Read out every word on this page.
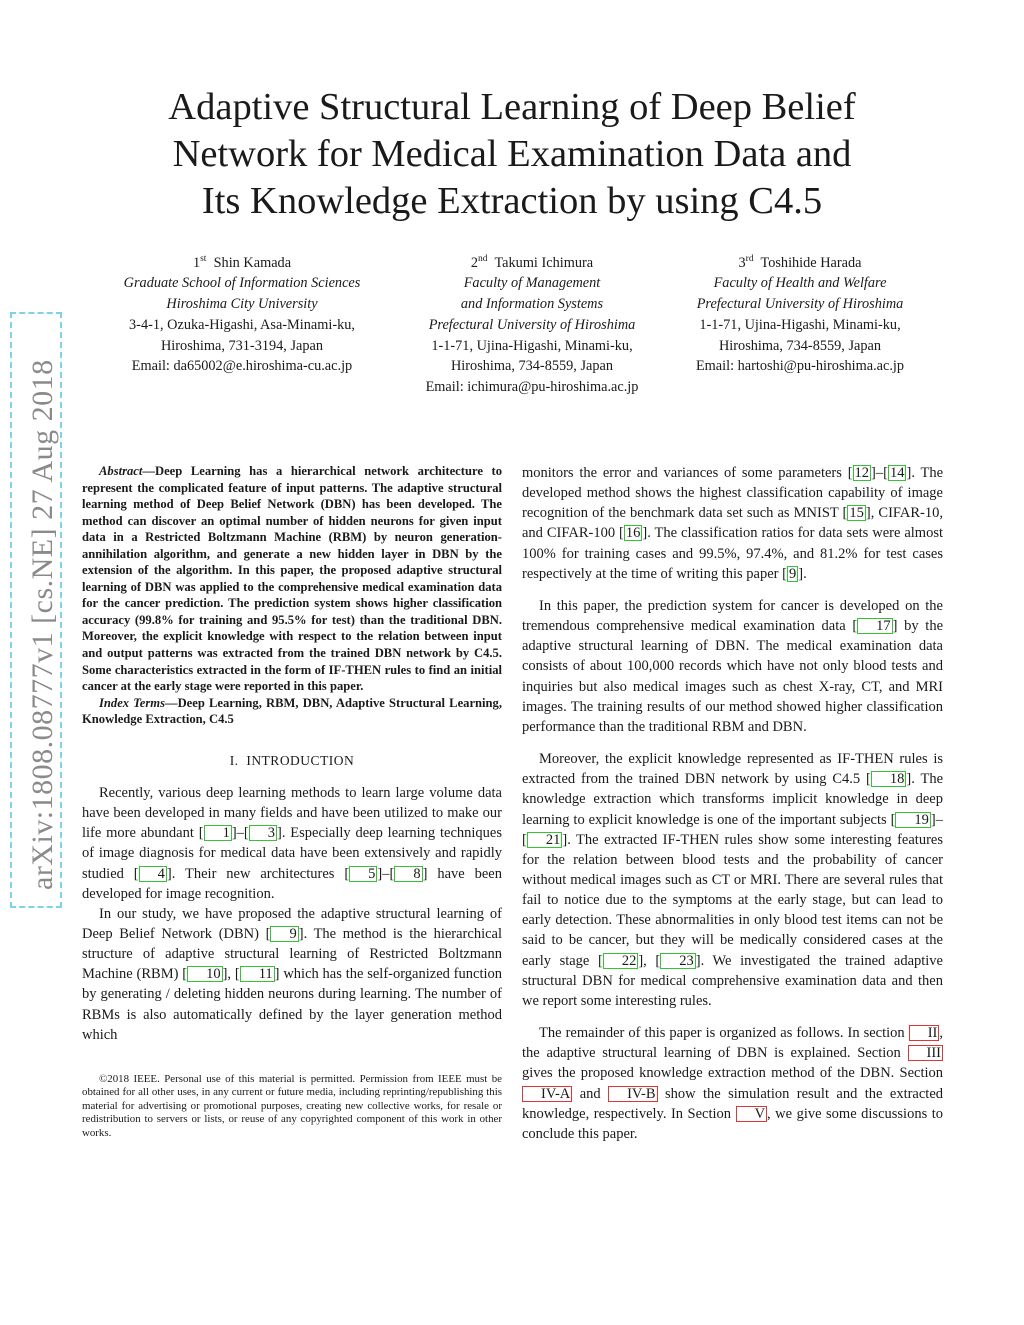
arXiv:1808.08777v1 [cs.NE] 27 Aug 2018
Adaptive Structural Learning of Deep Belief
Network for Medical Examination Data and
Its Knowledge Extraction by using C4.5
1st Shin Kamada
Graduate School of Information Sciences
Hiroshima City University
3-4-1, Ozuka-Higashi, Asa-Minami-ku,
Hiroshima, 731-3194, Japan
Email: da65002@e.hiroshima-cu.ac.jp
2nd Takumi Ichimura
Faculty of Management
and Information Systems
Prefectural University of Hiroshima
1-1-71, Ujina-Higashi, Minami-ku,
Hiroshima, 734-8559, Japan
Email: ichimura@pu-hiroshima.ac.jp
3rd Toshihide Harada
Faculty of Health and Welfare
Prefectural University of Hiroshima
1-1-71, Ujina-Higashi, Minami-ku,
Hiroshima, 734-8559, Japan
Email: hartoshi@pu-hiroshima.ac.jp

Abstract—Deep Learning has a hierarchical network architecture to represent the complicated feature of input patterns. The adaptive structural learning method of Deep Belief Network (DBN) has been developed. The method can discover an optimal number of hidden neurons for given input data in a Restricted Boltzmann Machine (RBM) by neuron generation-annihilation algorithm, and generate a new hidden layer in DBN by the extension of the algorithm. In this paper, the proposed adaptive structural learning of DBN was applied to the comprehensive medical examination data for the cancer prediction. The prediction system shows higher classification accuracy (99.8% for training and 95.5% for test) than the traditional DBN. Moreover, the explicit knowledge with respect to the relation between input and output patterns was extracted from the trained DBN network by C4.5. Some characteristics extracted in the form of IF-THEN rules to find an initial cancer at the early stage were reported in this paper.

Index Terms—Deep Learning, RBM, DBN, Adaptive Structural Learning, Knowledge Extraction, C4.5

I. INTRODUCTION

Recently, various deep learning methods to learn large volume data have been developed in many fields and have been utilized to make our life more abundant [ 1 ]–[ 3 ]. Especially deep learning techniques of image diagnosis for medical data have been extensively and rapidly studied [ 4 ]. Their new architectures [ 5 ]–[ 8 ] have been developed for image recognition.

In our study, we have proposed the adaptive structural learning of Deep Belief Network (DBN) [ 9 ]. The method is the hierarchical structure of adaptive structural learning of Restricted Boltzmann Machine (RBM) [ 10 ], [ 11 ] which has the self-organized function by generating / deleting hidden neurons during learning. The number of RBMs is also automatically defined by the layer generation method which

©2018 IEEE. Personal use of this material is permitted. Permission from IEEE must be obtained for all other uses, in any current or future media, including reprinting/republishing this material for advertising or promotional purposes, creating new collective works, for resale or redistribution to servers or lists, or reuse of any copyrighted component of this work in other works.

monitors the error and variances of some parameters [ 12 ]–[ 14 ]. The developed method shows the highest classification capability of image recognition of the benchmark data set such as MNIST [ 15 ], CIFAR-10, and CIFAR-100 [ 16 ]. The classification ratios for data sets were almost 100% for training cases and 99.5%, 97.4%, and 81.2% for test cases respectively at the time of writing this paper [ 9 ].

In this paper, the prediction system for cancer is developed on the tremendous comprehensive medical examination data [ 17 ] by the adaptive structural learning of DBN. The medical examination data consists of about 100,000 records which have not only blood tests and inquiries but also medical images such as chest X-ray, CT, and MRI images. The training results of our method showed higher classification performance than the traditional RBM and DBN.

Moreover, the explicit knowledge represented as IF-THEN rules is extracted from the trained DBN network by using C4.5 [ 18 ]. The knowledge extraction which transforms implicit knowledge in deep learning to explicit knowledge is one of the important subjects [ 19 ]–[ 21 ]. The extracted IF-THEN rules show some interesting features for the relation between blood tests and the probability of cancer without medical images such as CT or MRI. There are several rules that fail to notice due to the symptoms at the early stage, but can lead to early detection. These abnormalities in only blood test items can not be said to be cancer, but they will be medically considered cases at the early stage [ 22 ], [ 23 ]. We investigated the trained adaptive structural DBN for medical comprehensive examination data and then we report some interesting rules.

The remainder of this paper is organized as follows. In section II , the adaptive structural learning of DBN is explained. Section III gives the proposed knowledge extraction method of the DBN. Section IV-A and IV-B show the simulation result and the extracted knowledge, respectively. In Section V , we give some discussions to conclude this paper.
